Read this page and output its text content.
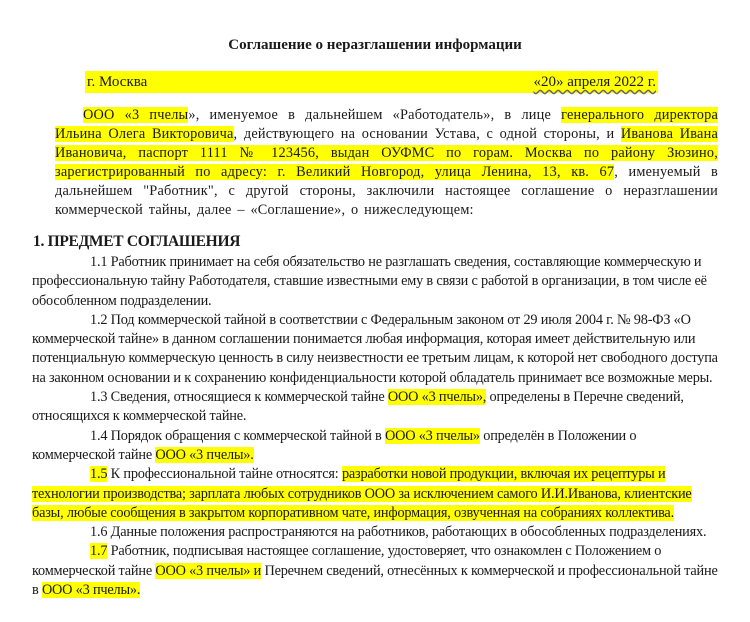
Соглашение о неразглашении информации
г. Москва	«20» апреля 2022 г.
ООО «3 пчелы», именуемое в дальнейшем «Работодатель», в лице генерального директора Ильина Олега Викторовича, действующего на основании Устава, с одной стороны, и Иванова Ивана Ивановича, паспорт 1111 № 123456, выдан ОУФМС по горам. Москва по району Зюзино, зарегистрированный по адресу: г. Великий Новгород, улица Ленина, 13, кв. 67, именуемый в дальнейшем "Работник", с другой стороны, заключили настоящее соглашение о неразглашении коммерческой тайны, далее – «Соглашение», о нижеследующем:
1. ПРЕДМЕТ СОГЛАШЕНИЯ

1.1 Работник принимает на себя обязательство не разглашать сведения, составляющие коммерческую и профессиональную тайну Работодателя, ставшие известными ему в связи с работой в организации, в том числе её обособленном подразделении.

1.2 Под коммерческой тайной в соответствии с Федеральным законом от 29 июля 2004 г. № 98-ФЗ «О коммерческой тайне» в данном соглашении понимается любая информация, которая имеет действительную или потенциальную коммерческую ценность в силу неизвестности ее третьим лицам, к которой нет свободного доступа на законном основании и к сохранению конфиденциальности которой обладатель принимает все возможные меры.

1.3 Сведения, относящиеся к коммерческой тайне ООО «3 пчелы», определены в Перечне сведений, относящихся к коммерческой тайне.

1.4 Порядок обращения с коммерческой тайной в ООО «3 пчелы» определён в Положении о коммерческой тайне ООО «3 пчелы».

1.5 К профессиональной тайне относятся: разработки новой продукции, включая их рецептуры и технологии производства; зарплата любых сотрудников ООО за исключением самого И.И.Иванова, клиентские базы, любые сообщения в закрытом корпоративном чате, информация, озвученная на собраниях коллектива.

1.6 Данные положения распространяются на работников, работающих в обособленных подразделениях.

1.7 Работник, подписывая настоящее соглашение, удостоверяет, что ознакомлен с Положением о коммерческой тайне ООО «3 пчелы» и Перечнем сведений, отнесённых к коммерческой и профессиональной тайне в ООО «3 пчелы».
